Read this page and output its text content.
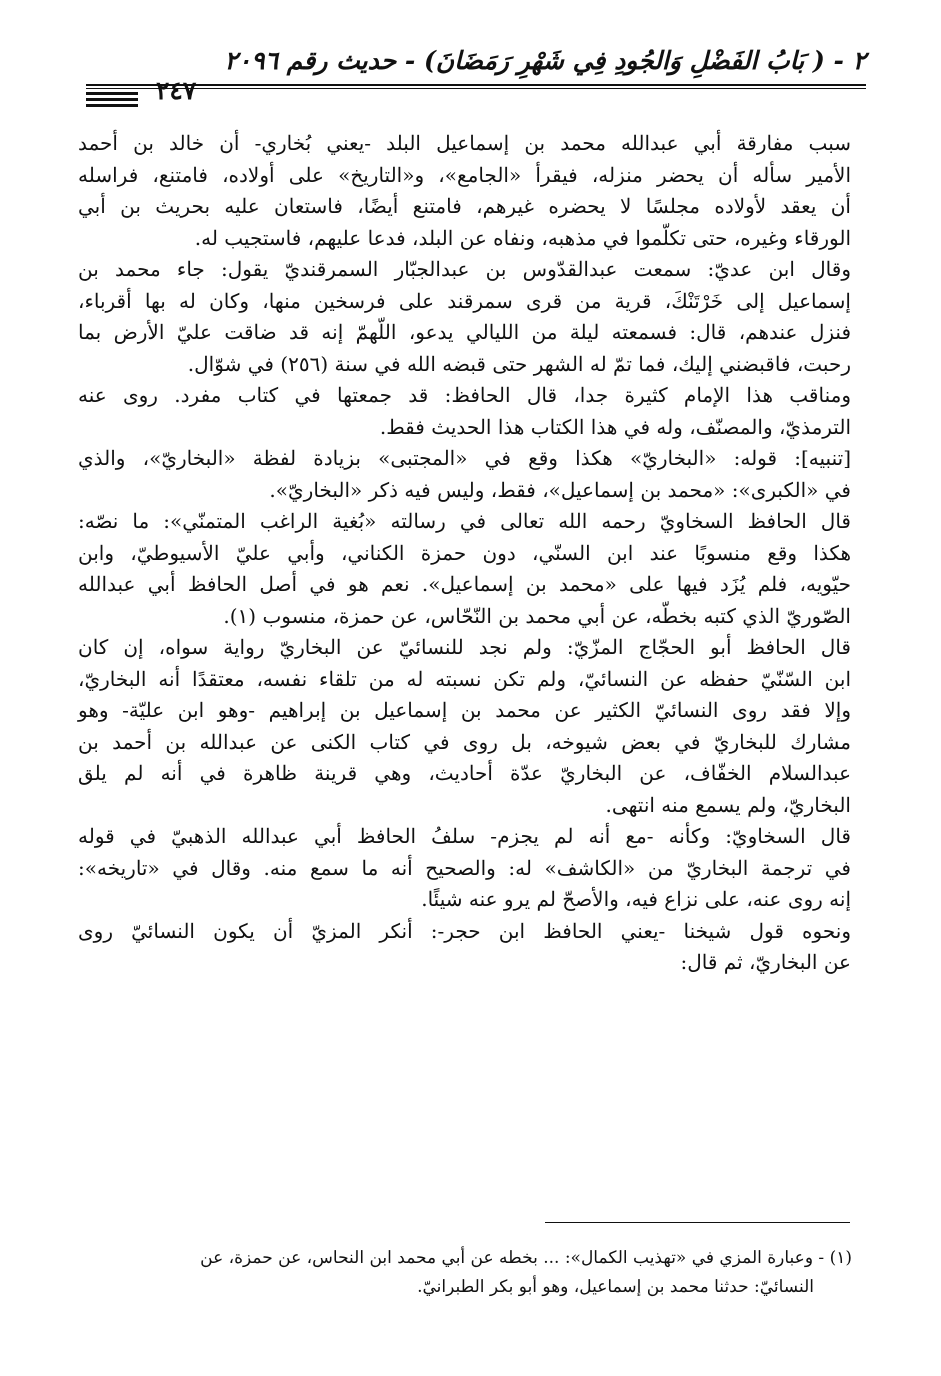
٢ - ( بَابُ الفَضْلِ وَالجُودِ فِي شَهْرِ رَمَضَانَ) - حديث رقم ٢٠٩٦
٢٤٧
سبب مفارقة أبي عبدالله محمد بن إسماعيل البلد -يعني بُخاري- أن خالد بن أحمد
الأمير سأله أن يحضر منزله، فيقرأ «الجامع»، و«التاريخ» على أولاده، فامتنع، فراسله
أن يعقد لأولاده مجلسًا لا يحضره غيرهم، فامتنع أيضًا، فاستعان عليه بحريث بن أبي
الورقاء وغيره، حتى تكلّموا في مذهبه، ونفاه عن البلد، فدعا عليهم، فاستجيب له.
وقال ابن عديّ: سمعت عبدالقدّوس بن عبدالجبّار السمرقنديّ يقول: جاء محمد بن
إسماعيل إلى خَرْتَنْكَ، قرية من قرى سمرقند على فرسخين منها، وكان له بها أقرباء،
فنزل عندهم، قال: فسمعته ليلة من الليالي يدعو، اللّهمّ إنه قد ضاقت عليّ الأرض بما
رحبت، فاقبضني إليك، فما تمّ له الشهر حتى قبضه الله في سنة (٢٥٦) في شوّال.
ومناقب هذا الإمام كثيرة جدا، قال الحافظ: قد جمعتها في كتاب مفرد. روى عنه
الترمذيّ، والمصنّف، وله في هذا الكتاب هذا الحديث فقط.
[تنبيه]: قوله: «البخاريّ» هكذا وقع في «المجتبى» بزيادة لفظة «البخاريّ»، والذي
في «الكبرى»: «محمد بن إسماعيل»، فقط، وليس فيه ذكر «البخاريّ».
قال الحافظ السخاويّ رحمه الله تعالى في رسالته «بُغية الراغب المتمنّي»: ما نصّه:
هكذا وقع منسوبًا عند ابن السنّي، دون حمزة الكناني، وأبي عليّ الأسيوطيّ، وابن
حيّويه، فلم يُزَد فيها على «محمد بن إسماعيل». نعم هو في أصل الحافظ أبي عبدالله
الصّوريّ الذي كتبه بخطّه، عن أبي محمد بن النّحّاس، عن حمزة، منسوب (١).
قال الحافظ أبو الحجّاج المزّيّ: ولم نجد للنسائيّ عن البخاريّ رواية سواه، إن كان
ابن السّنّيّ حفظه عن النسائيّ، ولم تكن نسبته له من تلقاء نفسه، معتقدًا أنه البخاريّ،
وإلا فقد روى النسائيّ الكثير عن محمد بن إسماعيل بن إبراهيم -وهو ابن عليّة- وهو
مشارك للبخاريّ في بعض شيوخه، بل روى في كتاب الكنى عن عبدالله بن أحمد بن
عبدالسلام الخفّاف، عن البخاريّ عدّة أحاديث، وهي قرينة ظاهرة في أنه لم يلق
البخاريّ، ولم يسمع منه انتهى.
قال السخاويّ: وكأنه -مع أنه لم يجزم- سلفُ الحافظ أبي عبدالله الذهبيّ في قوله
في ترجمة البخاريّ من «الكاشف» له: والصحيح أنه ما سمع منه. وقال في «تاريخه»:
إنه روى عنه، على نزاع فيه، والأصحّ لم يرو عنه شيئًا.
ونحوه قول شيخنا -يعني الحافظ ابن حجر-: أنكر المزيّ أن يكون النسائيّ روى
عن البخاريّ، ثم قال:
(١) - وعبارة المزي في «تهذيب الكمال»: ... بخطه عن أبي محمد ابن النحاس، عن حمزة، عن
النسائيّ: حدثنا محمد بن إسماعيل، وهو أبو بكر الطبرانيّ.
